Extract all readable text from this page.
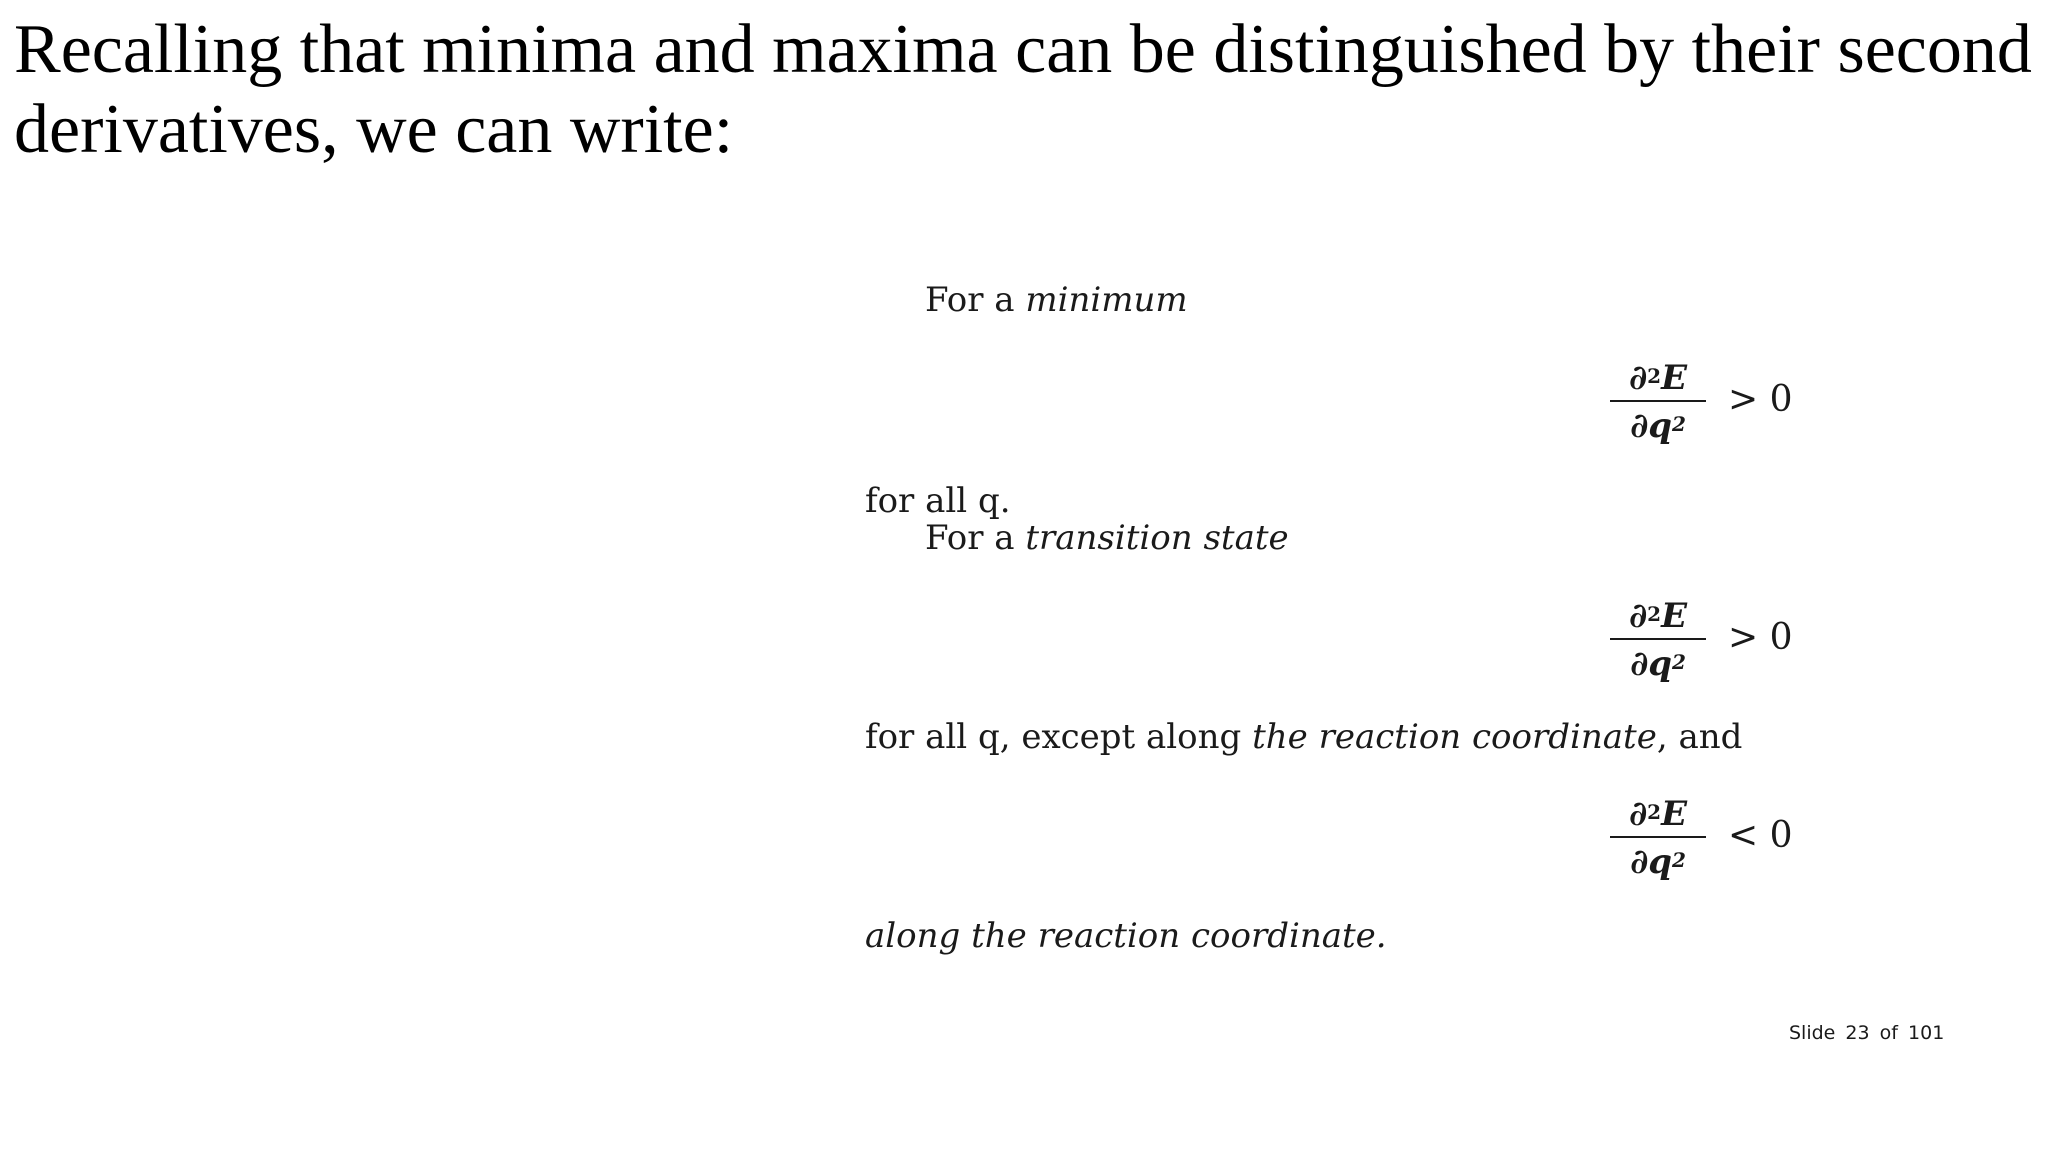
Recalling that minima and maxima can be distinguished by their second derivatives, we can write:
For a minimum
∂$^2$E
$\partial q^2$
> 0
for all q.
For a transition state
∂$^2$E
$\partial q^2$
> 0
for all q, except along the reaction coordinate, and
∂$^2$E
$\partial q^2$
< 0
along the reaction coordinate.
Slide 23 of 101
